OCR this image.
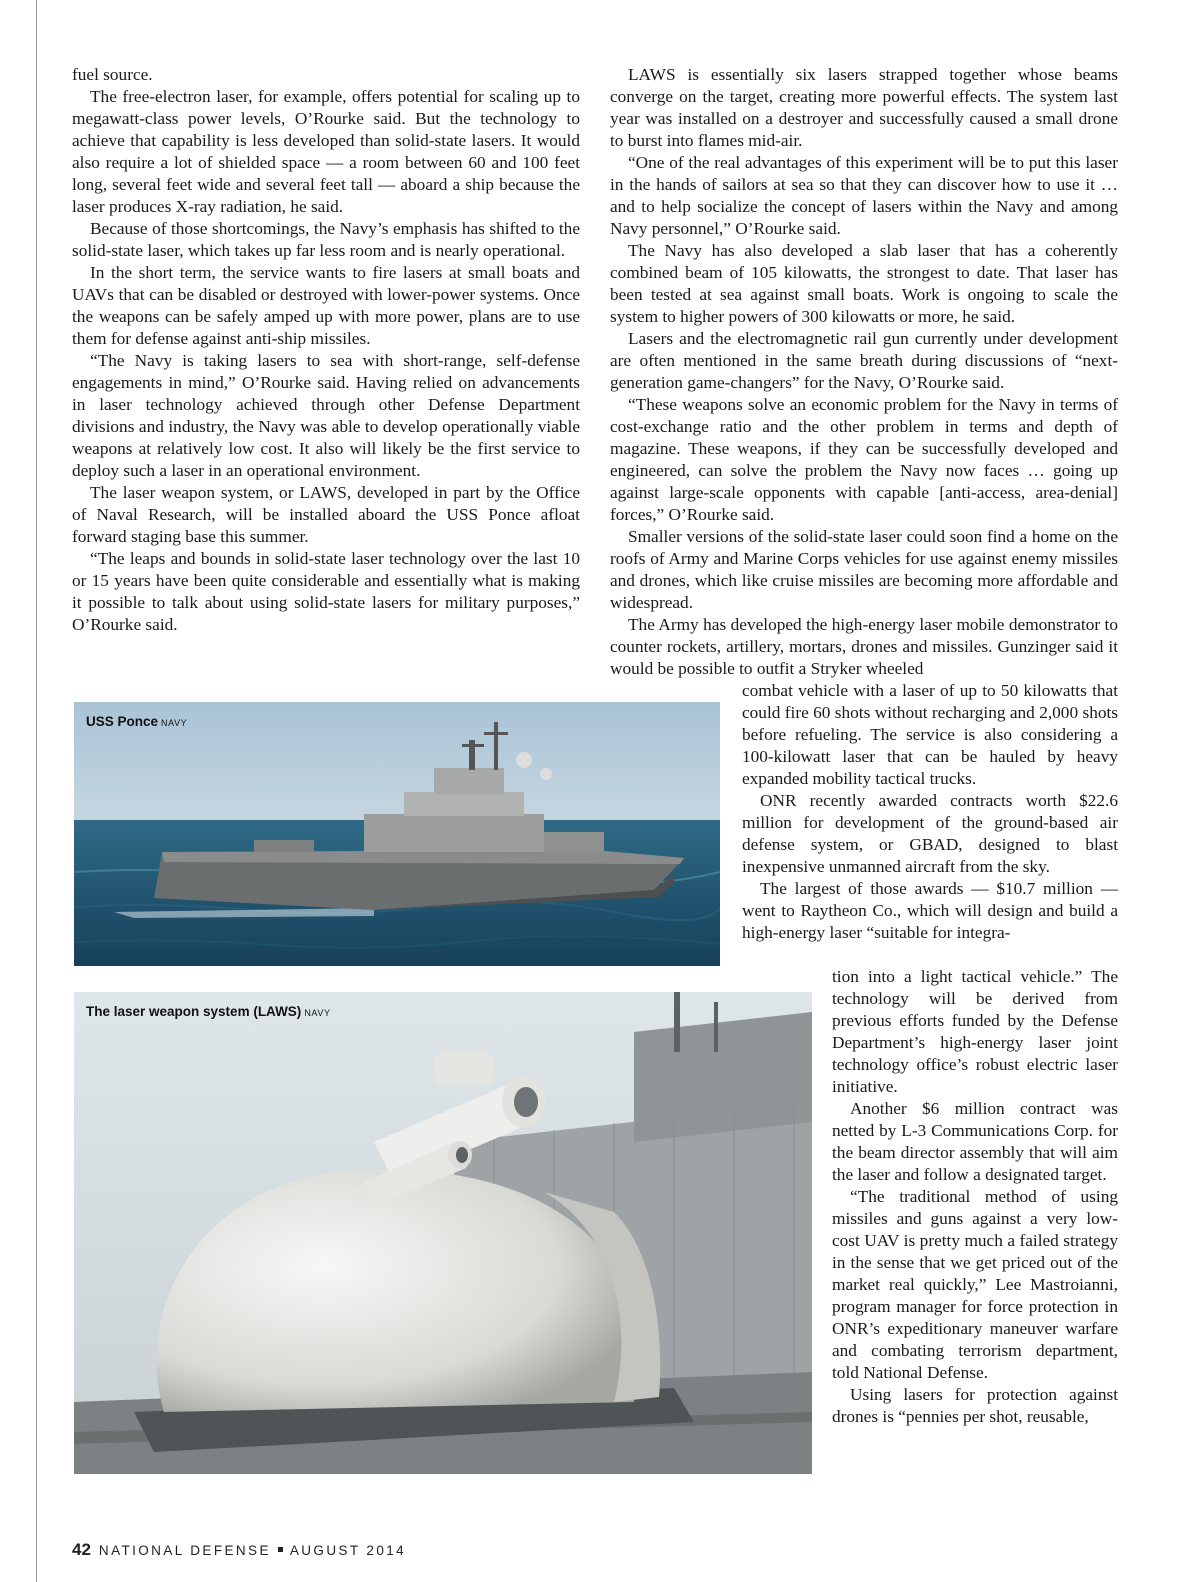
fuel source.

The free-electron laser, for example, offers potential for scaling up to megawatt-class power levels, O’Rourke said. But the technology to achieve that capability is less developed than solid-state lasers. It would also require a lot of shielded space — a room between 60 and 100 feet long, several feet wide and several feet tall — aboard a ship because the laser produces X-ray radiation, he said.

Because of those shortcomings, the Navy’s emphasis has shifted to the solid-state laser, which takes up far less room and is nearly operational.

In the short term, the service wants to fire lasers at small boats and UAVs that can be disabled or destroyed with lower-power systems. Once the weapons can be safely amped up with more power, plans are to use them for defense against anti-ship missiles.

“The Navy is taking lasers to sea with short-range, self-defense engagements in mind,” O’Rourke said. Having relied on advancements in laser technology achieved through other Defense Department divisions and industry, the Navy was able to develop operationally viable weapons at relatively low cost. It also will likely be the first service to deploy such a laser in an operational environment.

The laser weapon system, or LAWS, developed in part by the Office of Naval Research, will be installed aboard the USS Ponce afloat forward staging base this summer.

“The leaps and bounds in solid-state laser technology over the last 10 or 15 years have been quite considerable and essentially what is making it possible to talk about using solid-state lasers for military purposes,” O’Rourke said.

LAWS is essentially six lasers strapped together whose beams converge on the target, creating more powerful effects. The system last year was installed on a destroyer and successfully caused a small drone to burst into flames mid-air.

“One of the real advantages of this experiment will be to put this laser in the hands of sailors at sea so that they can discover how to use it … and to help socialize the concept of lasers within the Navy and among Navy personnel,” O’Rourke said.

The Navy has also developed a slab laser that has a coherently combined beam of 105 kilowatts, the strongest to date. That laser has been tested at sea against small boats. Work is ongoing to scale the system to higher powers of 300 kilowatts or more, he said.

Lasers and the electromagnetic rail gun currently under development are often mentioned in the same breath during discussions of “next-generation game-changers” for the Navy, O’Rourke said.

“These weapons solve an economic problem for the Navy in terms of cost-exchange ratio and the other problem in terms and depth of magazine. These weapons, if they can be successfully developed and engineered, can solve the problem the Navy now faces … going up against large-scale opponents with capable [anti-access, area-denial] forces,” O’Rourke said.

Smaller versions of the solid-state laser could soon find a home on the roofs of Army and Marine Corps vehicles for use against enemy missiles and drones, which like cruise missiles are becoming more affordable and widespread.

The Army has developed the high-energy laser mobile demonstrator to counter rockets, artillery, mortars, drones and missiles. Gunzinger said it would be possible to outfit a Stryker wheeled

combat vehicle with a laser of up to 50 kilowatts that could fire 60 shots without recharging and 2,000 shots before refueling. The service is also considering a 100-kilowatt laser that can be hauled by heavy expanded mobility tactical trucks.

ONR recently awarded contracts worth $22.6 million for development of the ground-based air defense system, or GBAD, designed to blast inexpensive unmanned aircraft from the sky.

The largest of those awards — $10.7 million — went to Raytheon Co., which will design and build a high-energy laser “suitable for integra-

tion into a light tactical vehicle.” The technology will be derived from previous efforts funded by the Defense Department’s high-energy laser joint technology office’s robust electric laser initiative.

Another $6 million contract was netted by L-3 Communications Corp. for the beam director assembly that will aim the laser and follow a designated target.

“The traditional method of using missiles and guns against a very low-cost UAV is pretty much a failed strategy in the sense that we get priced out of the market real quickly,” Lee Mastroianni, program manager for force protection in ONR’s expeditionary maneuver warfare and combating terrorism department, told National Defense.

Using lasers for protection against drones is “pennies per shot, reusable,

USS Ponce NAVY
The laser weapon system (LAWS) NAVY
42 NATIONAL DEFENSE AUGUST 2014
